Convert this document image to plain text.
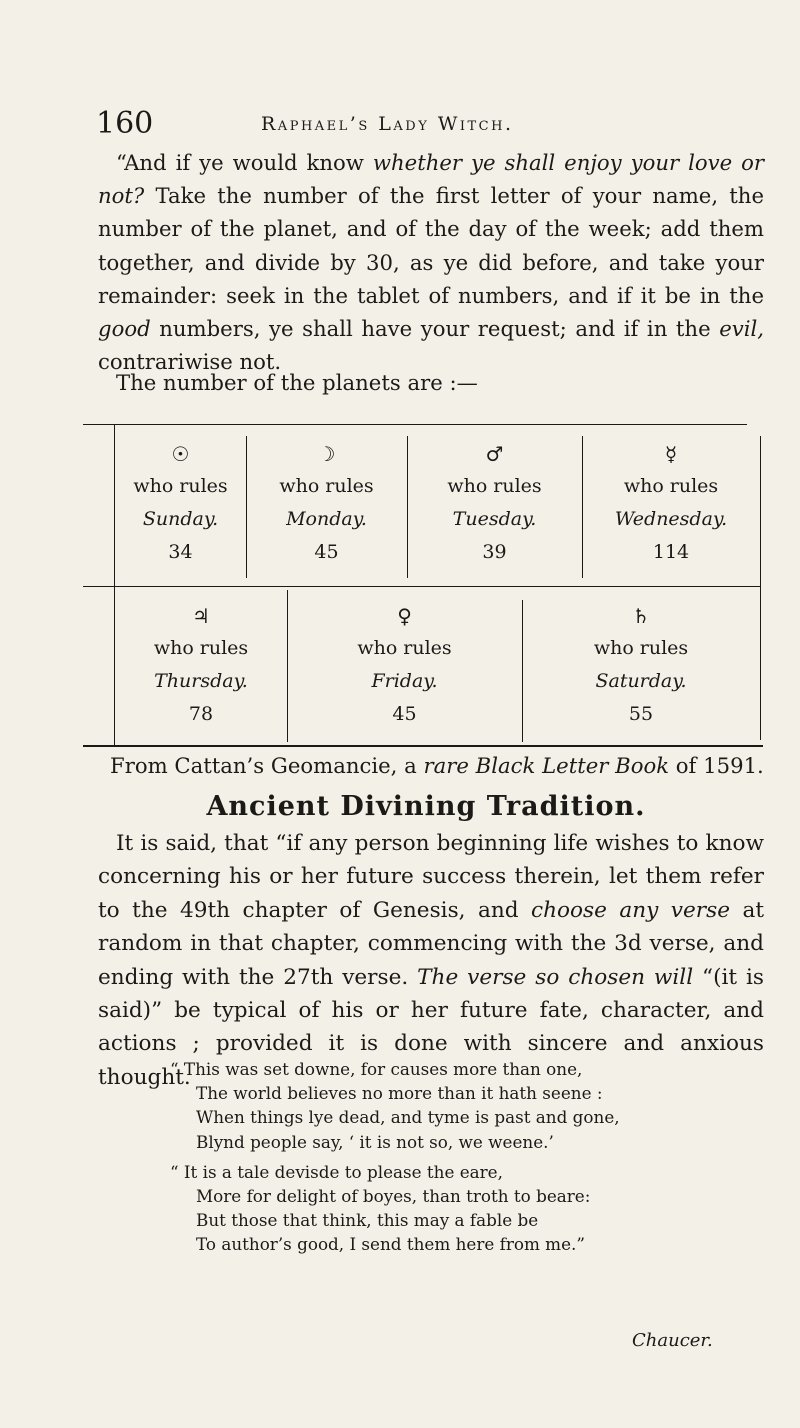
160	Raphael’s Lady Witch.

“And if ye would know whether ye shall enjoy your love or not? Take the number of the first letter of your name, the number of the planet, and of the day of the week; add them together, and divide by 30, as ye did before, and take your remainder: seek in the tablet of numbers, and if it be in the good numbers, ye shall have your request; and if in the evil, contrariwise not.

The number of the planets are :—

☉
who rules
Sunday.
34
☽
who rules
Monday.
45
♂
who rules
Tuesday.
39
☿
who rules
Wednesday.
114
♃
who rules
Thursday.
78
♀
who rules
Friday.
45
♄
who rules
Saturday.
55
From Cattan’s Geomancie, a rare Black Letter Book of 1591.
Ancient Divining Tradition.

It is said, that “if any person beginning life wishes to know concerning his or her future success therein, let them refer to the 49th chapter of Genesis, and choose any verse at random in that chapter, commencing with the 3d verse, and ending with the 27th verse. The verse so chosen will “(it is said)” be typical of his or her future fate, character, and actions ; provided it is done with sincere and anxious thought.

“ This was set downe, for causes more than one,
The world believes no more than it hath seene :
When things lye dead, and tyme is past and gone,
Blynd people say, ‘ it is not so, we weene.’
“ It is a tale devisde to please the eare,
More for delight of boyes, than troth to beare:
But those that think, this may a fable be
To author’s good, I send them here from me.”
Chaucer.
